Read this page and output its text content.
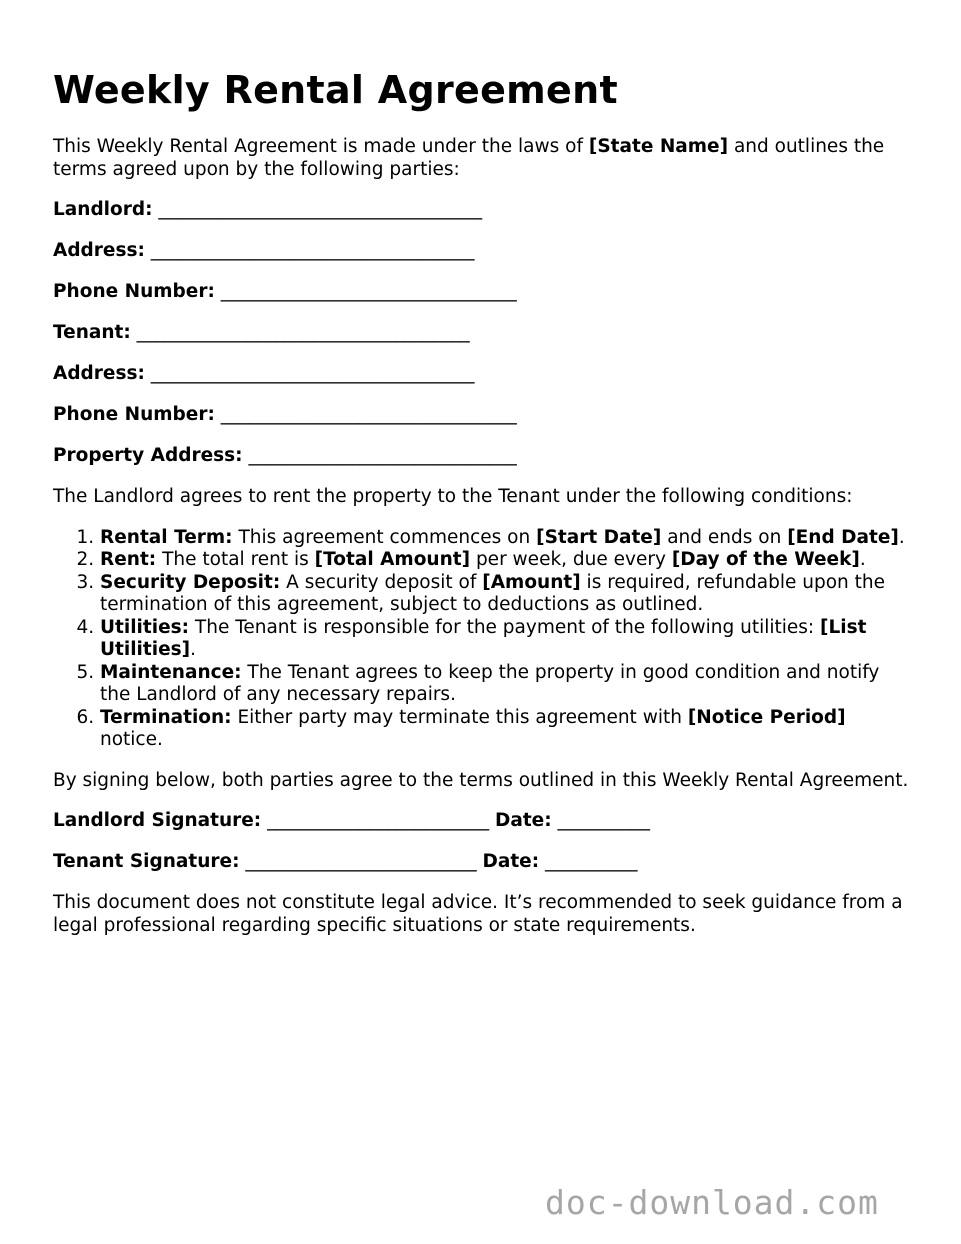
Weekly Rental Agreement

This Weekly Rental Agreement is made under the laws of [State Name] and outlines the terms agreed upon by the following parties:

Landlord: ___________________________________

Address: ___________________________________

Phone Number: ________________________________

Tenant: ____________________________________

Address: ___________________________________

Phone Number: ________________________________

Property Address: _____________________________

The Landlord agrees to rent the property to the Tenant under the following conditions:

1. Rental Term: This agreement commences on [Start Date] and ends on [End Date].
2. Rent: The total rent is [Total Amount] per week, due every [Day of the Week].
3. Security Deposit: A security deposit of [Amount] is required, refundable upon the termination of this agreement, subject to deductions as outlined.
4. Utilities: The Tenant is responsible for the payment of the following utilities: [List Utilities].
5. Maintenance: The Tenant agrees to keep the property in good condition and notify the Landlord of any necessary repairs.
6. Termination: Either party may terminate this agreement with [Notice Period] notice.

By signing below, both parties agree to the terms outlined in this Weekly Rental Agreement.

Landlord Signature: ________________________ Date: __________

Tenant Signature: _________________________ Date: __________

This document does not constitute legal advice. It’s recommended to seek guidance from a legal professional regarding specific situations or state requirements.

doc-download.com
